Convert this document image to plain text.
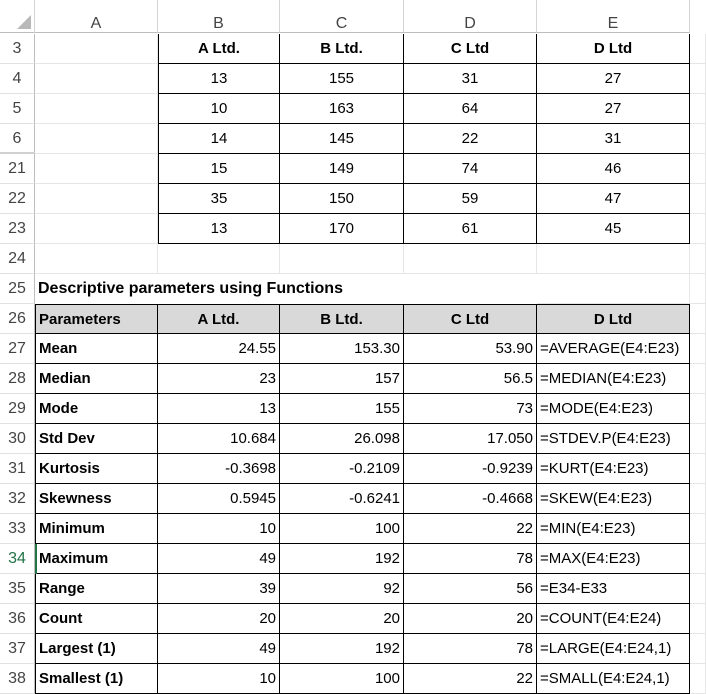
A	B	C	D	E
3	A Ltd.	B Ltd.	C Ltd	D Ltd
4	13	155	31	27
5	10	163	64	27
6	14	145	22	31
21	15	149	74	46
22	35	150	59	47
23	13	170	61	45
24
25 Descriptive parameters using Functions
26 Parameters	A Ltd.	B Ltd.	C Ltd	D Ltd
27 Mean	24.55	153.30	53.90 =AVERAGE(E4:E23)
28 Median	23	157	56.5 =MEDIAN(E4:E23)
29 Mode	13	155	73 =MODE(E4:E23)
30 Std Dev	10.684	26.098	17.050 =STDEV.P(E4:E23)
31 Kurtosis	-0.3698	-0.2109	-0.9239 =KURT(E4:E23)
32 Skewness	0.5945	-0.6241	-0.4668 =SKEW(E4:E23)
33 Minimum	10	100	22 =MIN(E4:E23)
34 Maximum	49	192	78 =MAX(E4:E23)
35 Range	39	92	56 =E34-E33
36 Count	20	20	20 =COUNT(E4:E24)
37 Largest (1)	49	192	78 =LARGE(E4:E24,1)
38 Smallest (1)	10	100	22 =SMALL(E4:E24,1)
